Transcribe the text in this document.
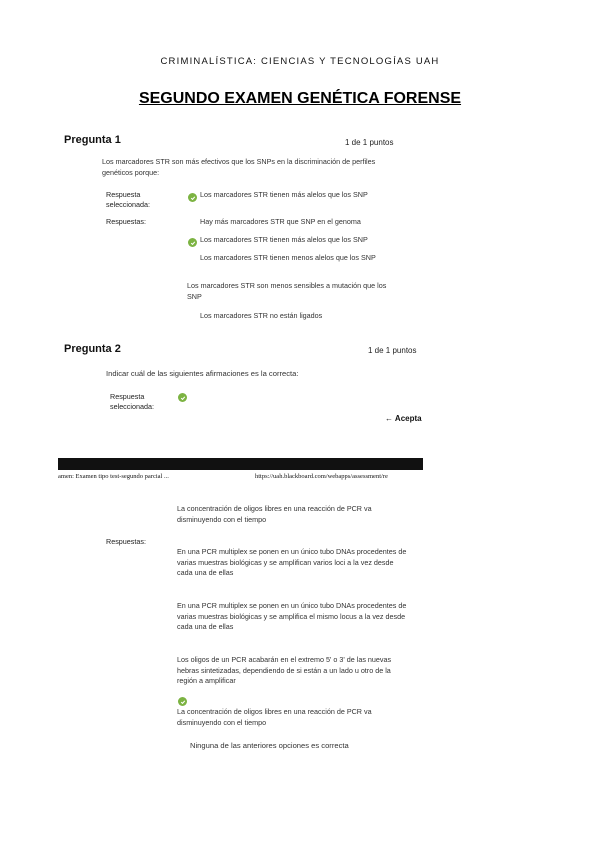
CRIMINALÍSTICA: CIENCIAS Y TECNOLOGÍAS UAH
SEGUNDO EXAMEN GENÉTICA FORENSE
Pregunta 1	1 de 1 puntos
Los marcadores STR son más efectivos que los SNPs en la discriminación de perfiles genéticos porque:
Respuesta seleccionada:
Los marcadores STR tienen más alelos que los SNP
Respuestas:	Hay más marcadores STR que SNP en el genoma
Los marcadores STR tienen más alelos que los SNP
Los marcadores STR tienen menos alelos que los SNP
Los marcadores STR son menos sensibles a mutación que los SNP
Los marcadores STR no están ligados
Pregunta 2	1 de 1 puntos
Indicar cuál de las siguientes afirmaciones es la correcta:
Respuesta seleccionada:
← Acepta
amen: Examen tipo test-segundo parcial ...	https://uah.blackboard.com/webapps/assessment/re
La concentración de oligos libres en una reacción de PCR va disminuyendo con el tiempo
Respuestas:
En una PCR multiplex se ponen en un único tubo DNAs procedentes de varias muestras biológicas y se amplifican varios loci a la vez desde cada una de ellas
En una PCR multiplex se ponen en un único tubo DNAs procedentes de varias muestras biológicas y se amplifica el mismo locus a la vez desde cada una de ellas
Los oligos de un PCR acabarán en el extremo 5' o 3' de las nuevas hebras sintetizadas, dependiendo de si están a un lado u otro de la región a amplificar
La concentración de oligos libres en una reacción de PCR va disminuyendo con el tiempo
Ninguna de las anteriores opciones es correcta
